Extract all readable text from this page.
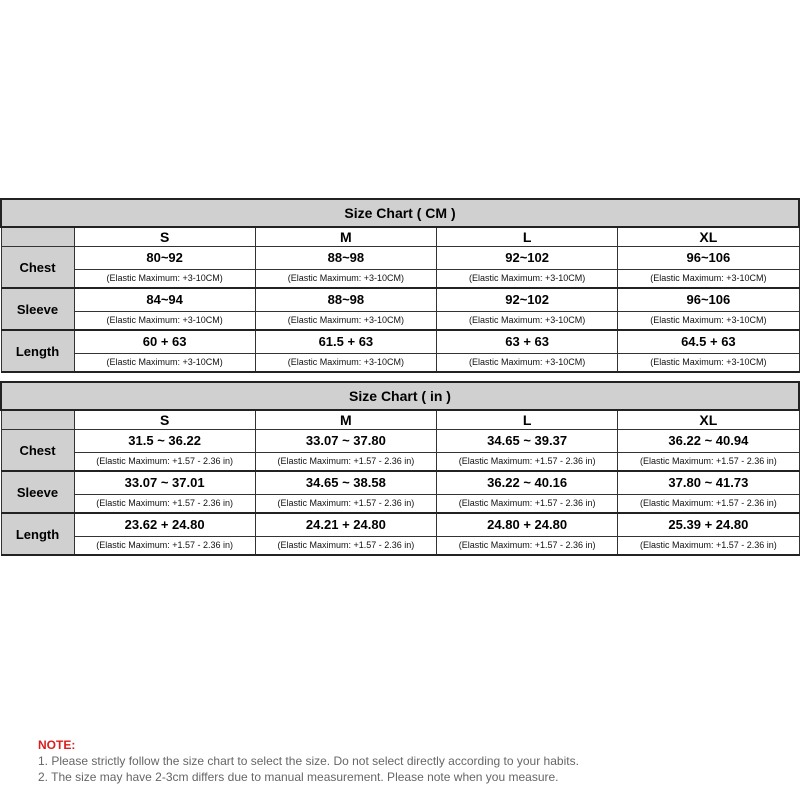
Size Chart ( CM )				
	S	M	L	XL
Chest	80~92	88~98	92~102	96~106
	(Elastic Maximum: +3-10CM)	(Elastic Maximum: +3-10CM)	(Elastic Maximum: +3-10CM)	(Elastic Maximum: +3-10CM)
Sleeve	84~94	88~98	92~102	96~106
	(Elastic Maximum: +3-10CM)	(Elastic Maximum: +3-10CM)	(Elastic Maximum: +3-10CM)	(Elastic Maximum: +3-10CM)
Length	60 + 63	61.5 + 63	63 + 63	64.5 + 63
	(Elastic Maximum: +3-10CM)	(Elastic Maximum: +3-10CM)	(Elastic Maximum: +3-10CM)	(Elastic Maximum: +3-10CM)
Size Chart ( in )				
	S	M	L	XL
Chest	31.5 ~ 36.22	33.07 ~ 37.80	34.65 ~ 39.37	36.22 ~ 40.94
	(Elastic Maximum: +1.57 - 2.36 in)	(Elastic Maximum: +1.57 - 2.36 in)	(Elastic Maximum: +1.57 - 2.36 in)	(Elastic Maximum: +1.57 - 2.36 in)
Sleeve	33.07 ~ 37.01	34.65 ~ 38.58	36.22 ~ 40.16	37.80 ~ 41.73
	(Elastic Maximum: +1.57 - 2.36 in)	(Elastic Maximum: +1.57 - 2.36 in)	(Elastic Maximum: +1.57 - 2.36 in)	(Elastic Maximum: +1.57 - 2.36 in)
Length	23.62 + 24.80	24.21 + 24.80	24.80 + 24.80	25.39 + 24.80
	(Elastic Maximum: +1.57 - 2.36 in)	(Elastic Maximum: +1.57 - 2.36 in)	(Elastic Maximum: +1.57 - 2.36 in)	(Elastic Maximum: +1.57 - 2.36 in)
NOTE:
1. Please strictly follow the size chart to select the size. Do not select directly according to your habits.
2. The size may have 2-3cm differs due to manual measurement. Please note when you measure.
